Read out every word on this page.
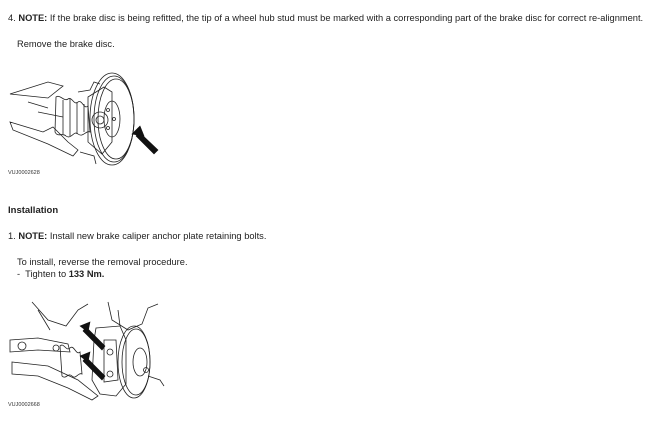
4. NOTE: If the brake disc is being refitted, the tip of a wheel hub stud must be marked with a corresponding part of the brake disc for correct re-alignment.
Remove the brake disc.
VUJ0002628
Installation
1. NOTE: Install new brake caliper anchor plate retaining bolts.
To install, reverse the removal procedure.
- Tighten to 133 Nm.
VUJ0002668
